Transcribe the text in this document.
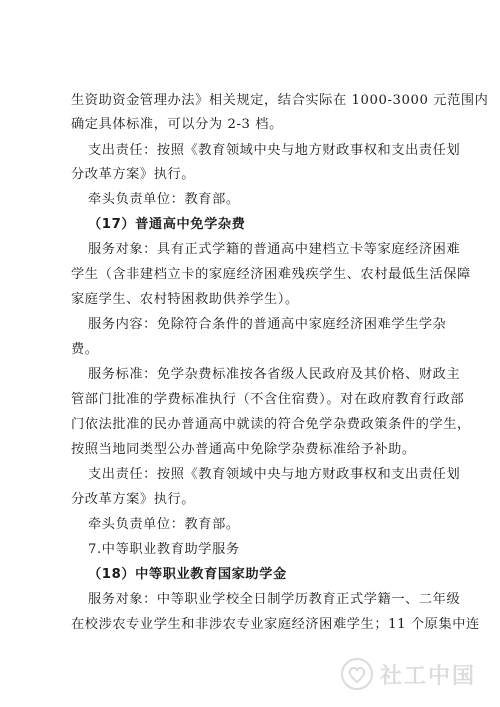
生资助资金管理办法》相关规定，结合实际在 1000-3000 元范围内
确定具体标准，可以分为 2-3 档。
支出责任：按照《教育领域中央与地方财政事权和支出责任划
分改革方案》执行。
牵头负责单位：教育部。
（17）普通高中免学杂费
服务对象：具有正式学籍的普通高中建档立卡等家庭经济困难
学生（含非建档立卡的家庭经济困难残疾学生、农村最低生活保障
家庭学生、农村特困救助供养学生）。
服务内容：免除符合条件的普通高中家庭经济困难学生学杂
费。
服务标准：免学杂费标准按各省级人民政府及其价格、财政主
管部门批准的学费标准执行（不含住宿费）。对在政府教育行政部
门依法批准的民办普通高中就读的符合免学杂费政策条件的学生，
按照当地同类型公办普通高中免除学杂费标准给予补助。
支出责任：按照《教育领域中央与地方财政事权和支出责任划
分改革方案》执行。
牵头负责单位：教育部。
7.中等职业教育助学服务
（18）中等职业教育国家助学金
服务对象：中等职业学校全日制学历教育正式学籍一、二年级
在校涉农专业学生和非涉农专业家庭经济困难学生；11 个原集中连
社工中国
